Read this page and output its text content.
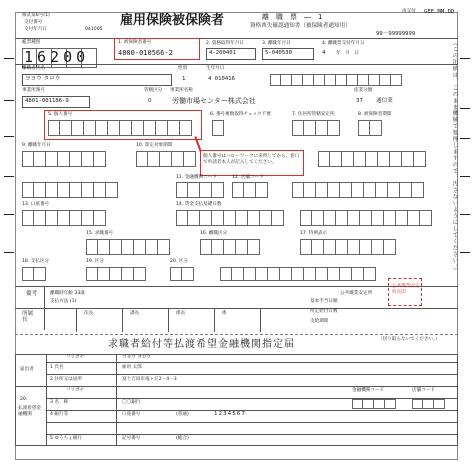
様式第6号(1)
交付番号
交付年月日	041005
雇用保険被保険者	離　職　票　―　1
資格喪失確認通知書（被保険者通知用）
再交付 GEE.MM.DD
99－99999999
帳票種別
16200
1. 被保険者番号
4800-010566-2
2. 資格取得年月日
4-200401
3. 離職年月日
5-040530
4. 離職票交付年月日
4 年　月　日
離職者氏名
ヨヨウ タロウ
性別
1
生年月日
4 010416
事業所番号
4801-001186-9
管轄区分
0
事業所名称
労働市場センター株式会社
産業分類
37 通信業
5. 個人番号	6. 番号複数取得チェック不要	7. 住居所管轄安定所	8. 被保険者期間
9. 離職年月日	10. 算定対象期間
個人番号はハローワークに来所してから、窓口で申請者本人が記入してください。
11. 金融機関コード	12. 店舗コード
13. 口座番号	14. 賃金支払基礎日数
15. 求職番号	16. 離職区分	17. 特例表示
18. 支払区分	19. 区分	20. 区分
備考	離職時年齢 33歳
支払方法 (1)
公共職業安定所
公共職業安定所長印
所属長
次長	課長	係長	係
基本手当日額
所定給付日数
支給期間
求職者給付等払渡希望金融機関指定届	（切り取らないでください。）
届出者
フリガナ	コヨウ タロウ
1 氏名	雇用 太郎
2 住所又は居所	富士吉田市竜ヶ丘2－4－3
20.
払渡希望金融機関
フリガナ
3 名　称	〇〇銀行
金融機関コード	店舗コード
4 銀行等	口座番号	(普通)	1234567
5 ゆうちょ銀行	記号番号	(総合)
（この用紙は、このまま機械で処理しますので、汚さないようにしてください。）
